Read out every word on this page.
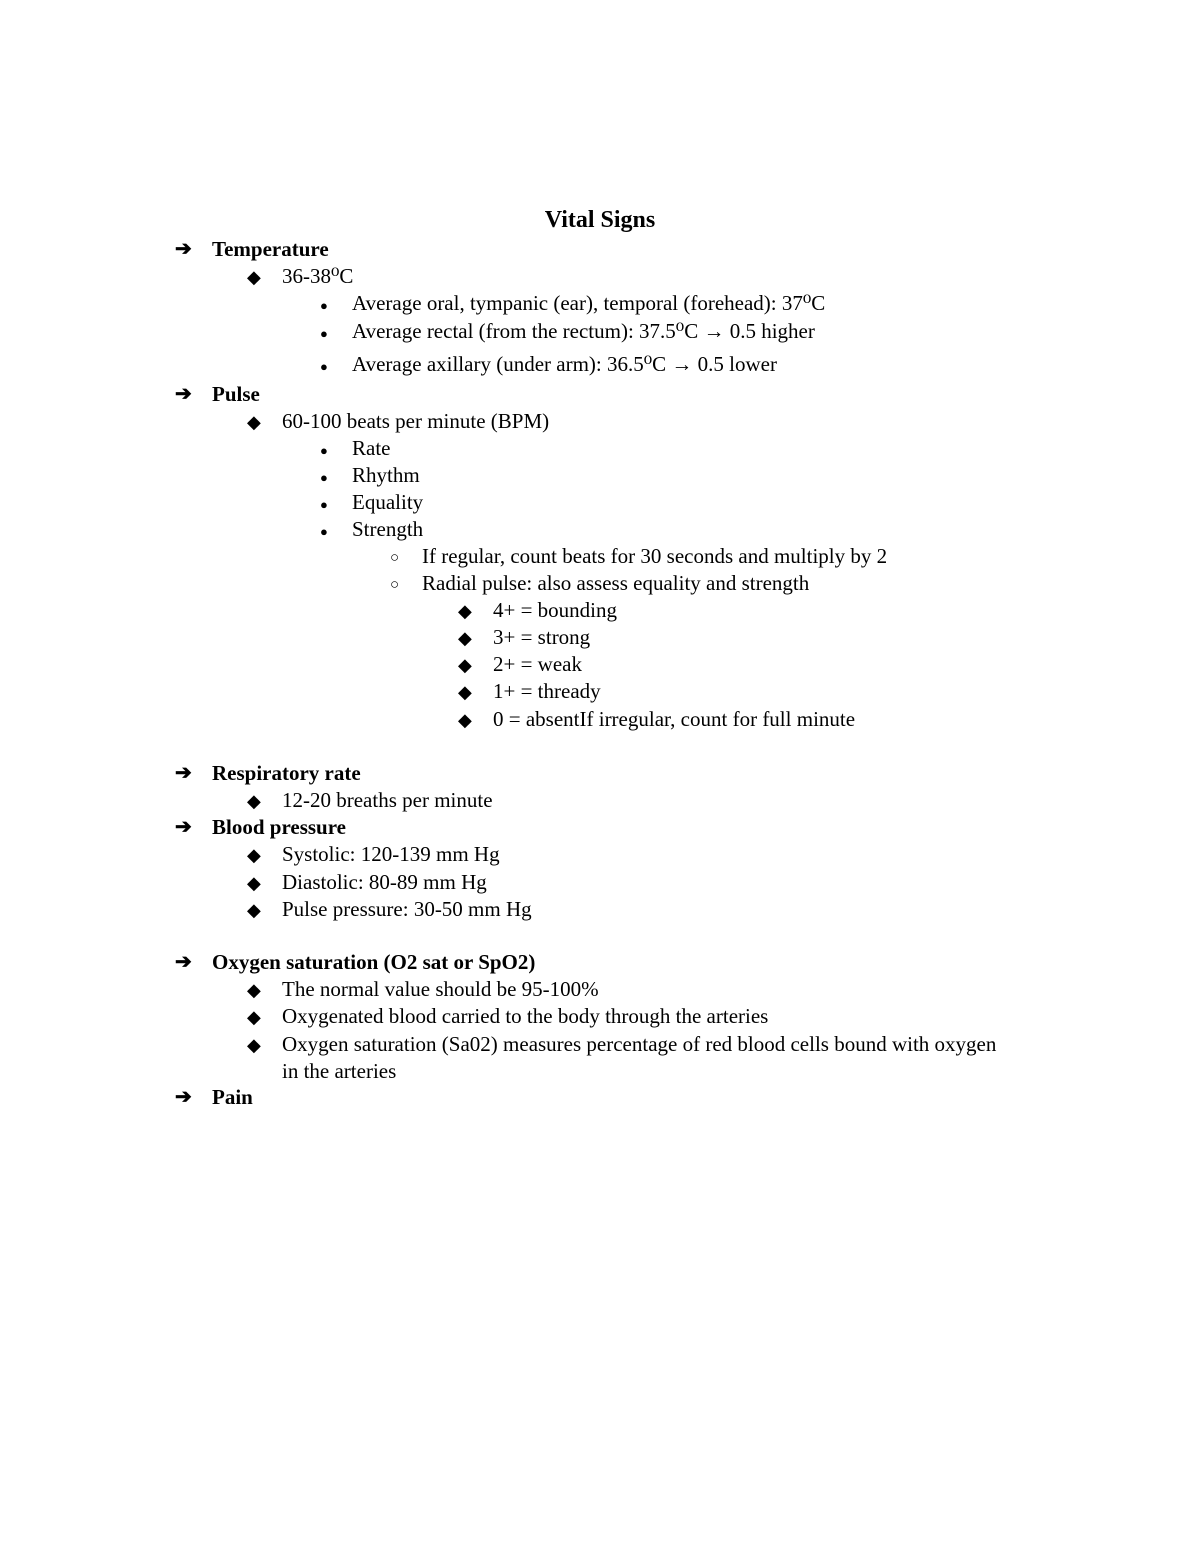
Vital Signs
➔ Temperature
◆ 36-38⁰C
● Average oral, tympanic (ear), temporal (forehead): 37⁰C
● Average rectal (from the rectum): 37.5⁰C → 0.5 higher
● Average axillary (under arm): 36.5⁰C → 0.5 lower
➔ Pulse
◆ 60-100 beats per minute (BPM)
● Rate
● Rhythm
● Equality
● Strength
○ If regular, count beats for 30 seconds and multiply by 2
○ Radial pulse: also assess equality and strength
◆ 4+ = bounding
◆ 3+ = strong
◆ 2+ = weak
◆ 1+ = thready
◆ 0 = absentIf irregular, count for full minute
➔ Respiratory rate
◆ 12-20 breaths per minute
➔ Blood pressure
◆ Systolic: 120-139 mm Hg
◆ Diastolic: 80-89 mm Hg
◆ Pulse pressure: 30-50 mm Hg
➔ Oxygen saturation (O2 sat or SpO2)
◆ The normal value should be 95-100%
◆ Oxygenated blood carried to the body through the arteries
◆ Oxygen saturation (Sa02) measures percentage of red blood cells bound with oxygen in the arteries
➔ Pain
